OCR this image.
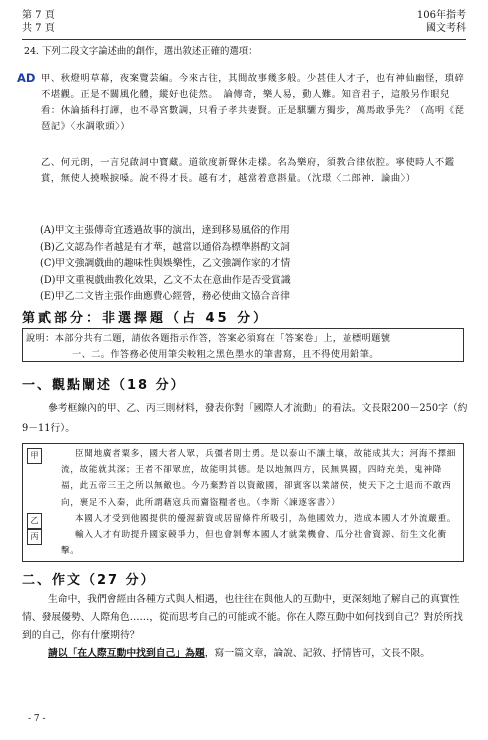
第 7 頁
共 7 頁
106年指考
國文考科
24. 下列二段文字論述曲的創作，選出敘述正確的選項：
AD 甲、秋燈明草幕，夜案覽芸編。今來古往，其間故事幾多般。少甚佳人才子，也有神仙幽怪，瑣碎不堪觀。正是不關風化體，縱好也徒然。　論傳奇，樂人易，動人難。知音君子，這般另作眼兒看：休論插科打諢，也不尋宮數調，只看子孝共妻賢。正是騏驪方獨步，萬馬敢爭先？（高明《琵琶記》〈水調歌頭〉）
乙、何元朗，一言兒啟詞中寶藏。道欲度新聲休走樣。名為樂府，須教合律依腔。寧使時人不鑑賞，無使人撓喉捩嗓。說不得才長。越有才，越當着意斟量。（沈璟〈二郎神．論曲〉）
(A)甲文主張傳奇宜透過故事的演出，達到移易風俗的作用
(B)乙文認為作者越是有才華，越當以通俗為標準斟酌文詞
(C)甲文強調戲曲的趣味性與娛樂性，乙文強調作家的才情
(D)甲文重視戲曲教化效果，乙文不太在意曲作是否受賞識
(E)甲乙二文皆主張作曲應費心經營，務必使曲文協合音律
第貳部分：非選擇題（占 45 分）
說明：本部分共有二題，請依各題指示作答，答案必須寫在「答案卷」上，並標明題號
一、二。作答務必使用筆尖較粗之黑色墨水的筆書寫，且不得使用鉛筆。
一、觀點闡述（18 分）
參考框線內的甲、乙、丙三則材料，發表你對「國際人才流動」的看法。文長限200－250字（約9－11行）。
甲	臣聞地廣者粟多，國大者人眾，兵彊者則士勇。是以泰山不讓土壤，故能成其大；河海不擇細流，故能就其深；王者不卻眾庶，故能明其德。是以地無四方，民無異國，四時充美，鬼神降福，此五帝三王之所以無敵也。今乃棄黔首以資敵國，卻賓客以業諸侯，使天下之士退而不敢西向，裹足不入秦，此所謂藉寇兵而齎盜糧者也。（李斯〈諫逐客書〉）
乙
丙	輸入人才有助提升國家競爭力，但也會剝奪本國人才就業機會、瓜分社會資源、衍生文化衝擊。
本國人才受到他國提供的優渥薪資或居留條件所吸引，為他國效力，造成本國人才外流嚴重。
二、作文（27 分）
生命中，我們會經由各種方式與人相遇，也往往在與他人的互動中，更深刻地了解自己的真實性情、發展優勢、人際角色……，從而思考自己的可能或不能。你在人際互動中如何找到自己？對於所找到的自己，你有什麼期待？
請以「在人際互動中找到自己」為題，寫一篇文章，論說、記敘、抒情皆可，文長不限。
- 7 -
